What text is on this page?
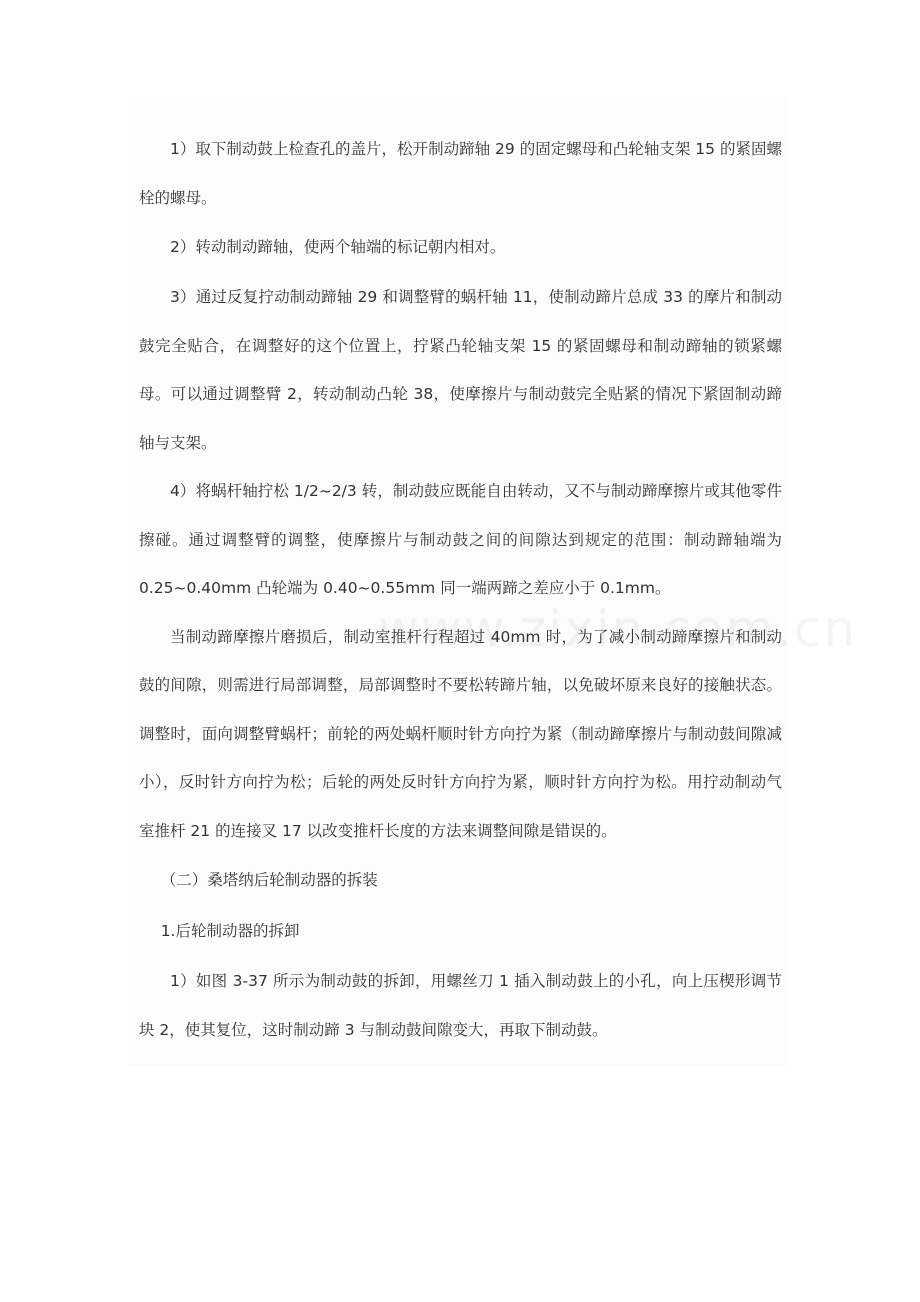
1）取下制动鼓上检查孔的盖片，松开制动蹄轴 29 的固定螺母和凸轮轴支架 15 的紧固螺栓的螺母。

2）转动制动蹄轴，使两个轴端的标记朝内相对。

3）通过反复拧动制动蹄轴 29 和调整臂的蜗杆轴 11，使制动蹄片总成 33 的摩片和制动鼓完全贴合，在调整好的这个位置上，拧紧凸轮轴支架 15 的紧固螺母和制动蹄轴的锁紧螺母。可以通过调整臂 2，转动制动凸轮 38，使摩擦片与制动鼓完全贴紧的情况下紧固制动蹄轴与支架。

4）将蜗杆轴拧松 1/2~2/3 转，制动鼓应既能自由转动，又不与制动蹄摩擦片或其他零件擦碰。通过调整臂的调整，使摩擦片与制动鼓之间的间隙达到规定的范围：制动蹄轴端为 0.25~0.40mm 凸轮端为 0.40~0.55mm 同一端两蹄之差应小于 0.1mm。

当制动蹄摩擦片磨损后，制动室推杆行程超过 40mm 时，为了减小制动蹄摩擦片和制动鼓的间隙，则需进行局部调整，局部调整时不要松转蹄片轴，以免破坏原来良好的接触状态。调整时，面向调整臂蜗杆；前轮的两处蜗杆顺时针方向拧为紧（制动蹄摩擦片与制动鼓间隙减小），反时针方向拧为松；后轮的两处反时针方向拧为紧，顺时针方向拧为松。用拧动制动气室推杆 21 的连接叉 17 以改变推杆长度的方法来调整间隙是错误的。

（二）桑塔纳后轮制动器的拆装

1.后轮制动器的拆卸

1）如图 3-37 所示为制动鼓的拆卸，用螺丝刀 1 插入制动鼓上的小孔，向上压楔形调节块 2，使其复位，这时制动蹄 3 与制动鼓间隙变大，再取下制动鼓。
